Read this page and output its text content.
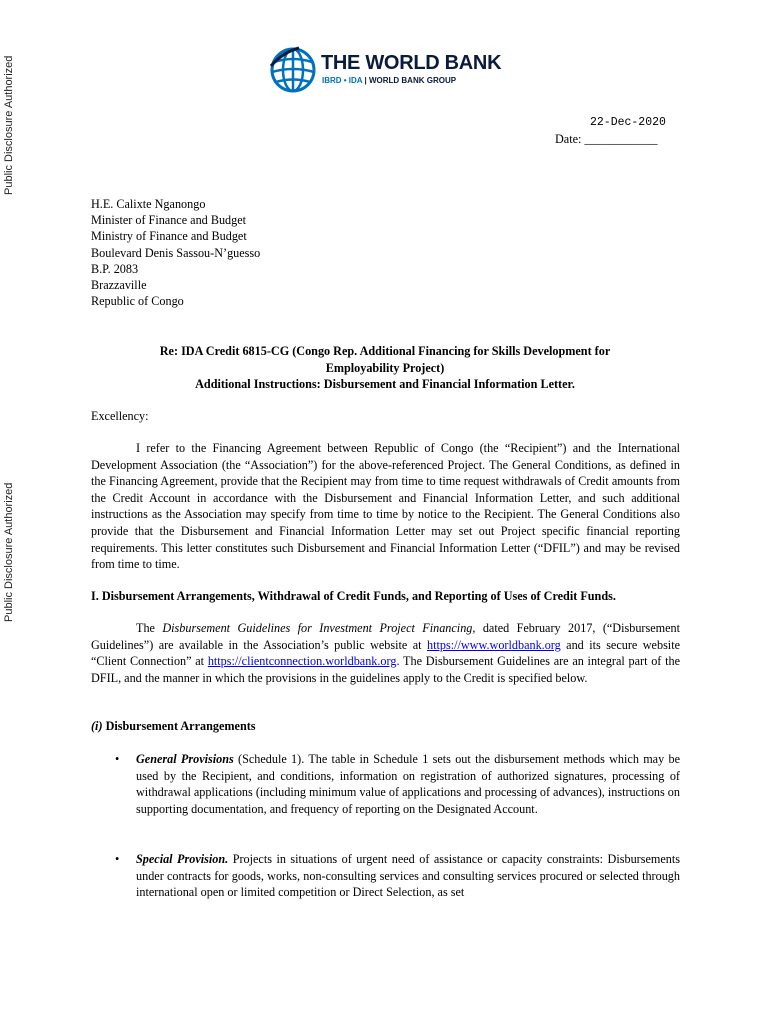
Public Disclosure Authorized
Public Disclosure Authorized
THE WORLD BANK
IBRD • IDA | WORLD BANK GROUP
22-Dec-2020
Date: ____________
H.E. Calixte Nganongo
Minister of Finance and Budget
Ministry of Finance and Budget
Boulevard Denis Sassou-N’guesso
B.P. 2083
Brazzaville
Republic of Congo
Re: IDA Credit 6815-CG (Congo Rep. Additional Financing for Skills Development for
Employability Project)
Additional Instructions: Disbursement and Financial Information Letter.
Excellency:
I refer to the Financing Agreement between Republic of Congo (the “Recipient”) and the International Development Association (the “Association”) for the above-referenced Project. The General Conditions, as defined in the Financing Agreement, provide that the Recipient may from time to time request withdrawals of Credit amounts from the Credit Account in accordance with the Disbursement and Financial Information Letter, and such additional instructions as the Association may specify from time to time by notice to the Recipient. The General Conditions also provide that the Disbursement and Financial Information Letter may set out Project specific financial reporting requirements. This letter constitutes such Disbursement and Financial Information Letter (“DFIL”) and may be revised from time to time.
I. Disbursement Arrangements, Withdrawal of Credit Funds, and Reporting of Uses of Credit Funds.
The Disbursement Guidelines for Investment Project Financing, dated February 2017, (“Disbursement Guidelines”) are available in the Association’s public website at https://www.worldbank.org and its secure website “Client Connection” at https://clientconnection.worldbank.org. The Disbursement Guidelines are an integral part of the DFIL, and the manner in which the provisions in the guidelines apply to the Credit is specified below.
(i) Disbursement Arrangements
• General Provisions (Schedule 1). The table in Schedule 1 sets out the disbursement methods which may be used by the Recipient, and conditions, information on registration of authorized signatures, processing of withdrawal applications (including minimum value of applications and processing of advances), instructions on supporting documentation, and frequency of reporting on the Designated Account.
• Special Provision. Projects in situations of urgent need of assistance or capacity constraints: Disbursements under contracts for goods, works, non-consulting services and consulting services procured or selected through international open or limited competition or Direct Selection, as set
